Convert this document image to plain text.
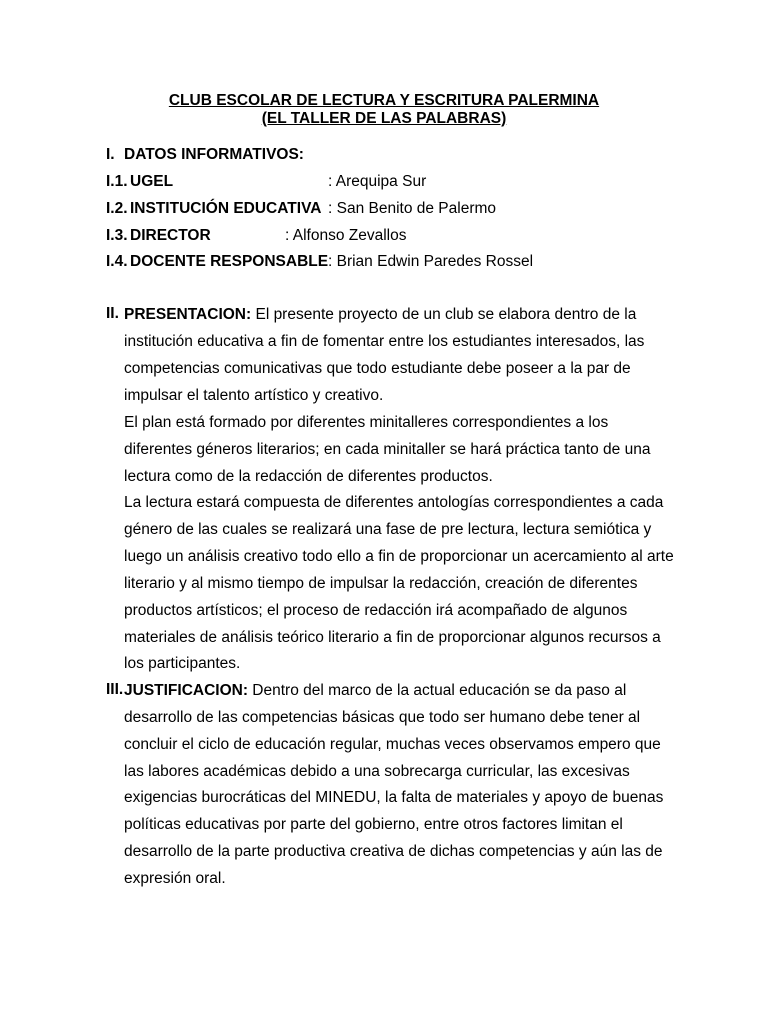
CLUB ESCOLAR DE LECTURA Y ESCRITURA PALERMINA
(EL TALLER DE LAS PALABRAS)
I. DATOS INFORMATIVOS:
I.1. UGEL	: Arequipa Sur
I.2. INSTITUCIÓN EDUCATIVA : San Benito de Palermo
I.3. DIRECTOR	: Alfonso Zevallos
I.4. DOCENTE RESPONSABLE : Brian Edwin Paredes Rossel
II. PRESENTACION: El presente proyecto de un club se elabora dentro de la
institución educativa a fin de fomentar entre los estudiantes interesados, las
competencias comunicativas que todo estudiante debe poseer a la par de
impulsar el talento artístico y creativo.
El plan está formado por diferentes minitalleres correspondientes a los
diferentes géneros literarios; en cada minitaller se hará práctica tanto de una
lectura como de la redacción de diferentes productos.
La lectura estará compuesta de diferentes antologías correspondientes a cada
género de las cuales se realizará una fase de pre lectura, lectura semiótica y
luego un análisis creativo todo ello a fin de proporcionar un acercamiento al arte
literario y al mismo tiempo de impulsar la redacción, creación de diferentes
productos artísticos; el proceso de redacción irá acompañado de algunos
materiales de análisis teórico literario a fin de proporcionar algunos recursos a
los participantes.
III. JUSTIFICACION: Dentro del marco de la actual educación se da paso al
desarrollo de las competencias básicas que todo ser humano debe tener al
concluir el ciclo de educación regular, muchas veces observamos empero que
las labores académicas debido a una sobrecarga curricular, las excesivas
exigencias burocráticas del MINEDU, la falta de materiales y apoyo de buenas
políticas educativas por parte del gobierno, entre otros factores limitan el
desarrollo de la parte productiva creativa de dichas competencias y aún las de
expresión oral.
